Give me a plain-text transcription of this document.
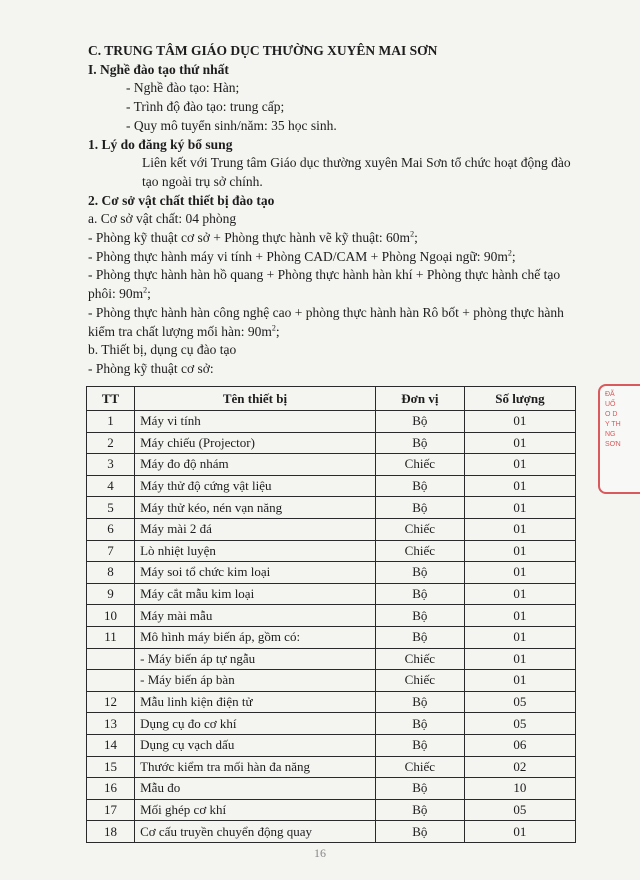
C. TRUNG TÂM GIÁO DỤC THƯỜNG XUYÊN MAI SƠN
I. Nghề đào tạo thứ nhất
- Nghề đào tạo: Hàn;
- Trình độ đào tạo: trung cấp;
- Quy mô tuyển sinh/năm: 35 học sinh.
1. Lý do đăng ký bổ sung
Liên kết với Trung tâm Giáo dục thường xuyên Mai Sơn tổ chức hoạt động đào tạo ngoài trụ sở chính.
2. Cơ sở vật chất thiết bị đào tạo
a. Cơ sở vật chất: 04 phòng
- Phòng kỹ thuật cơ sở + Phòng thực hành vẽ kỹ thuật: $60m^2$;
- Phòng thực hành máy vi tính + Phòng CAD/CAM + Phòng Ngoại ngữ: $90m^2$;
- Phòng thực hành hàn hồ quang + Phòng thực hành hàn khí + Phòng thực hành chế tạo phôi: $90m^2$;
- Phòng thực hành hàn công nghệ cao + phòng thực hành hàn Rô bốt + phòng thực hành kiểm tra chất lượng mối hàn: $90m^2$;
b. Thiết bị, dụng cụ đào tạo
- Phòng kỹ thuật cơ sở:
TT	Tên thiết bị	Đơn vị	Số lượng
1	Máy vi tính	Bộ	01
2	Máy chiếu (Projector)	Bộ	01
3	Máy đo độ nhám	Chiếc	01
4	Máy thử độ cứng vật liệu	Bộ	01
5	Máy thử kéo, nén vạn năng	Bộ	01
6	Máy mài 2 đá	Chiếc	01
7	Lò nhiệt luyện	Chiếc	01
8	Máy soi tổ chức kim loại	Bộ	01
9	Máy cắt mẫu kim loại	Bộ	01
10	Máy mài mẫu	Bộ	01
11	Mô hình máy biến áp, gồm có:	Bộ	01
	- Máy biến áp tự ngẫu	Chiếc	01
	- Máy biến áp bàn	Chiếc	01
12	Mẫu linh kiện điện tử	Bộ	05
13	Dụng cụ đo cơ khí	Bộ	05
14	Dụng cụ vạch dấu	Bộ	06
15	Thước kiểm tra mối hàn đa năng	Chiếc	02
16	Mẫu đo	Bộ	10
17	Mối ghép cơ khí	Bộ	05
18	Cơ cấu truyền chuyển động quay	Bộ	01
ĐÃ
UỐ
O D
Y TH
NG
SƠN
16
